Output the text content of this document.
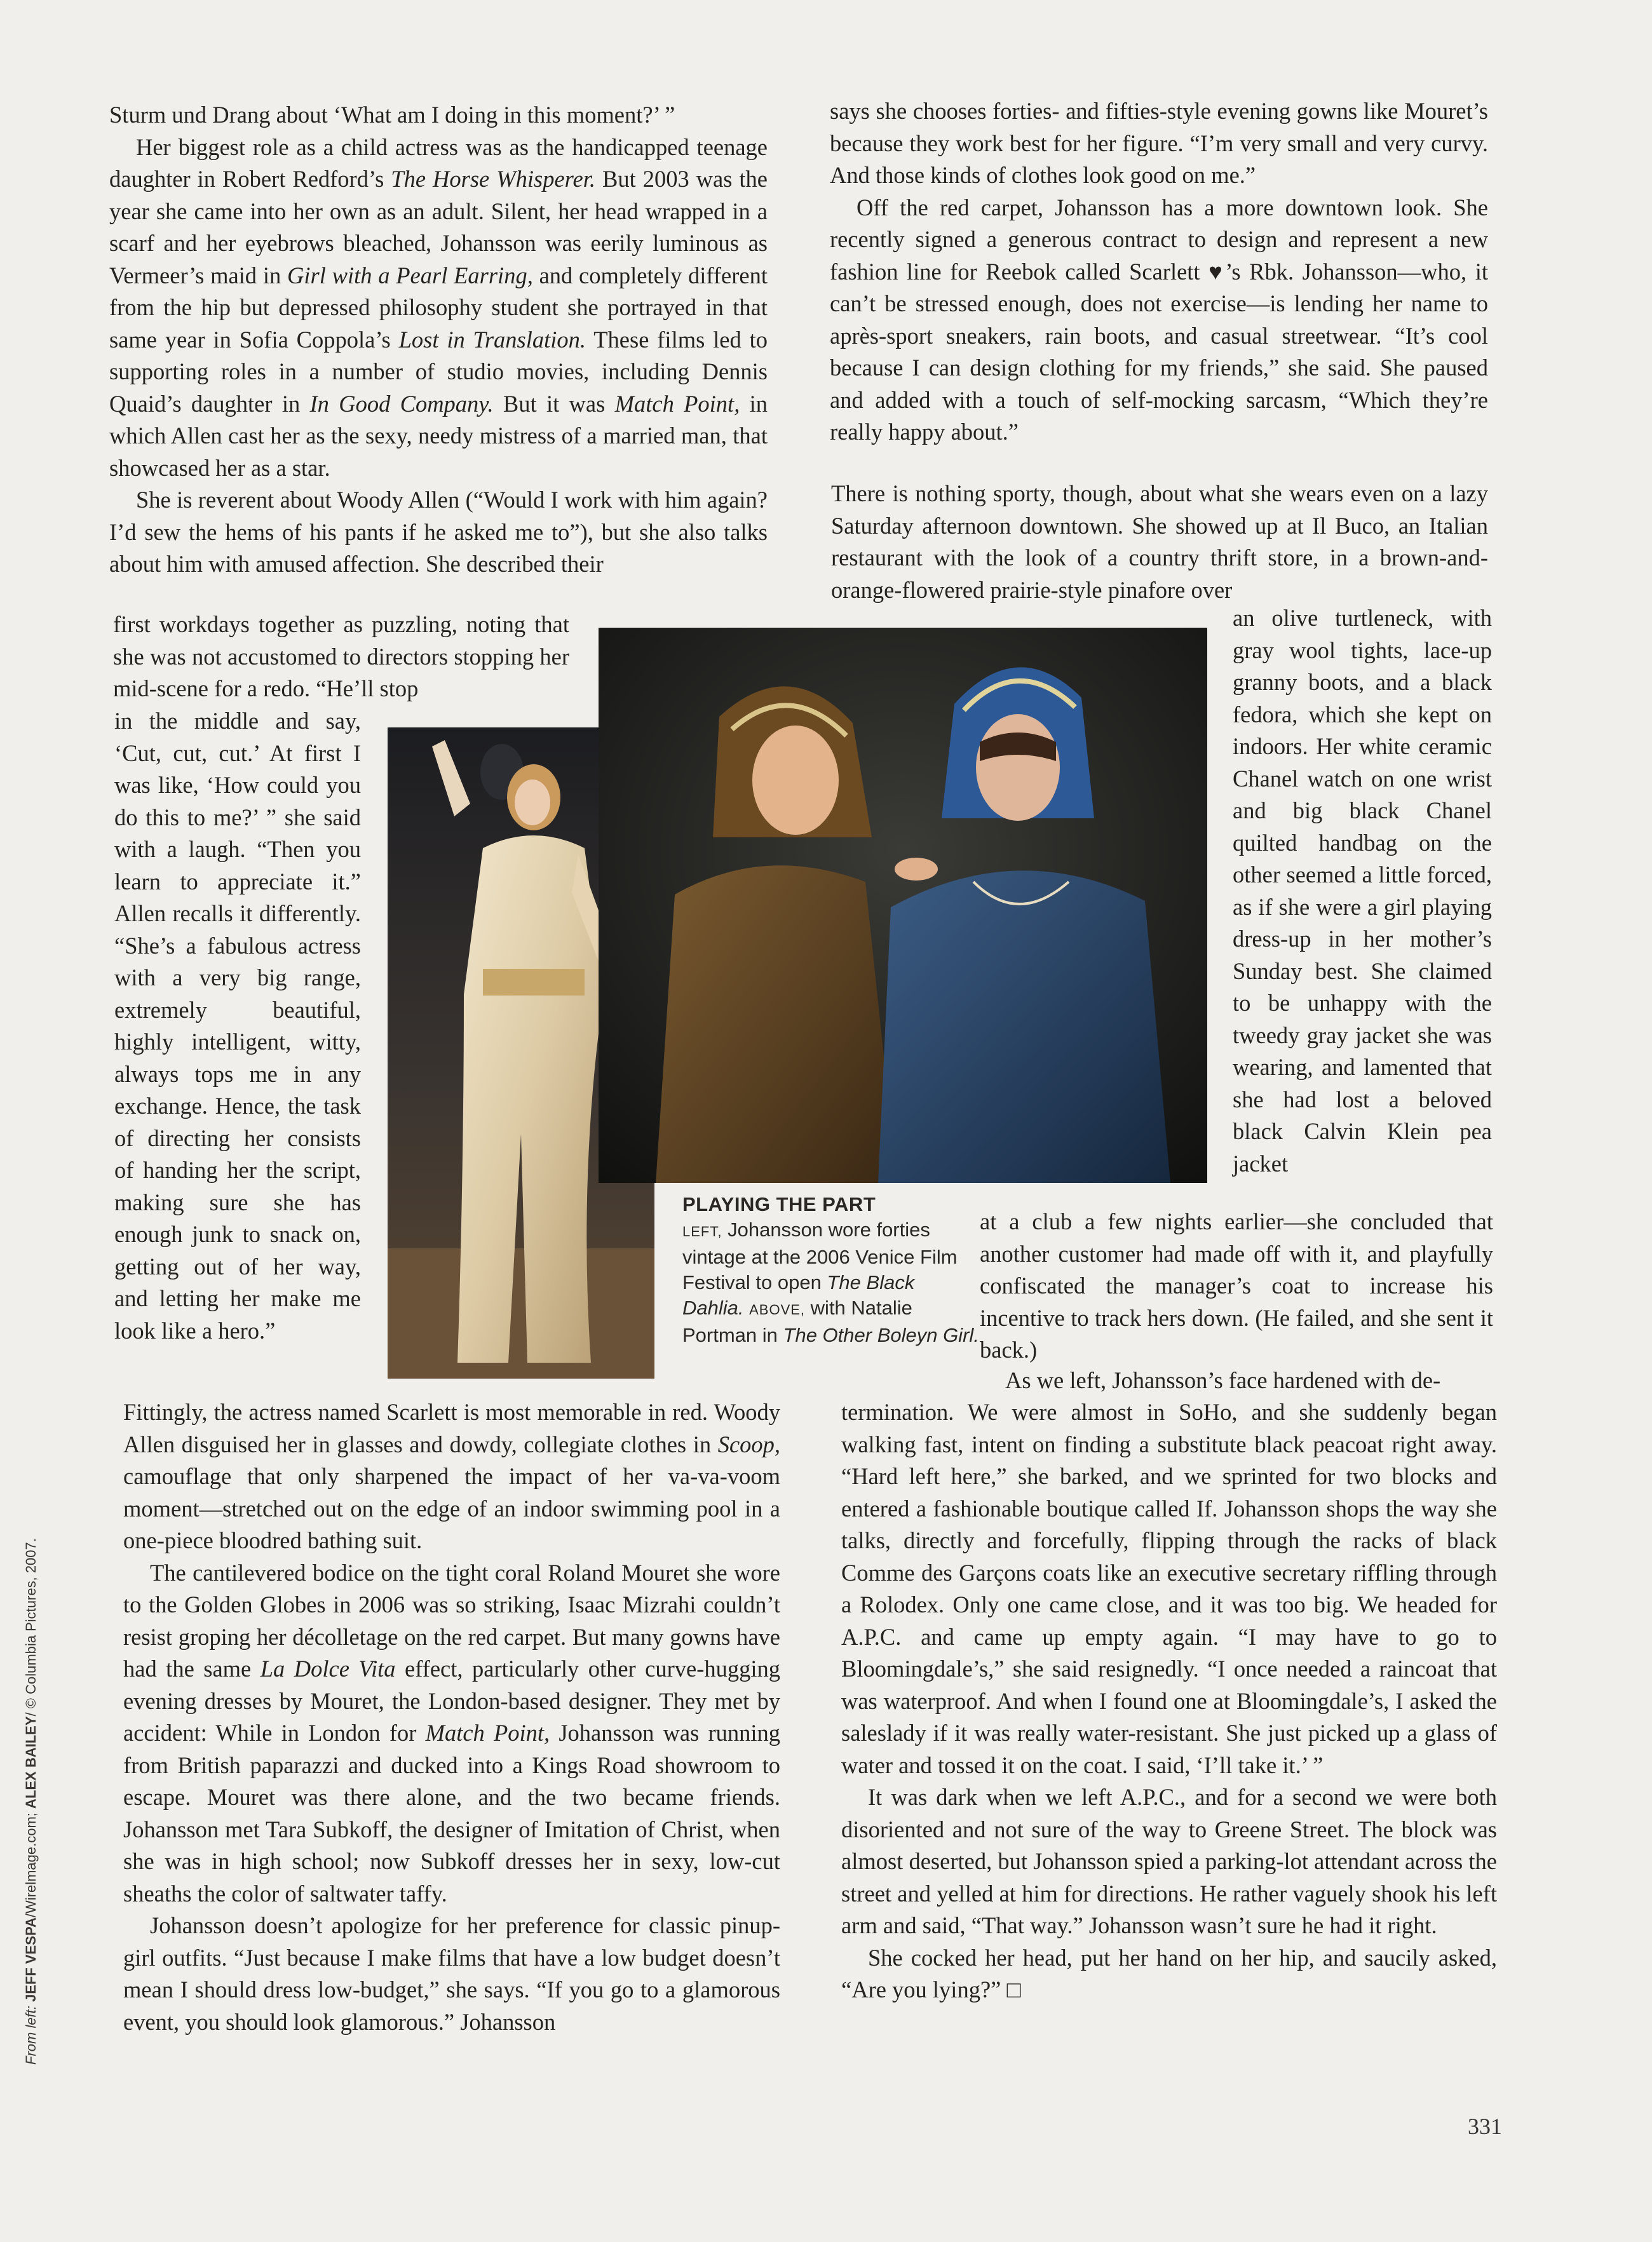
Sturm und Drang about ‘What am I doing in this moment?’ ”

Her biggest role as a child actress was as the handicapped teenage daughter in Robert Redford’s The Horse Whisperer. But 2003 was the year she came into her own as an adult. Silent, her head wrapped in a scarf and her eyebrows bleached, Johansson was eerily luminous as Vermeer’s maid in Girl with a Pearl Earring, and completely different from the hip but depressed philosophy student she portrayed in that same year in Sofia Coppola’s Lost in Translation. These films led to supporting roles in a number of studio movies, including Dennis Quaid’s daughter in In Good Company. But it was Match Point, in which Allen cast her as the sexy, needy mistress of a married man, that showcased her as a star.

She is reverent about Woody Allen (“Would I work with him again? I’d sew the hems of his pants if he asked me to”), but she also talks about him with amused affection. She described their

first workdays together as puzzling, noting that she was not accustomed to directors stopping her mid-scene for a redo. “He’ll stop

in the middle and say, ‘Cut, cut, cut.’ At first I was like, ‘How could you do this to me?’ ” she said with a laugh. “Then you learn to appreciate it.” Allen recalls it differently. “She’s a fabulous actress with a very big range, extremely beautiful, highly intelligent, witty, always tops me in any exchange. Hence, the task of directing her consists of handing her the script, making sure she has enough junk to snack on, getting out of her way, and letting her make me look like a hero.”

Fittingly, the actress named Scarlett is most memorable in red. Woody Allen disguised her in glasses and dowdy, collegiate clothes in Scoop, camouflage that only sharpened the impact of her va-va-voom moment—stretched out on the edge of an indoor swimming pool in a one-piece bloodred bathing suit.

The cantilevered bodice on the tight coral Roland Mouret she wore to the Golden Globes in 2006 was so striking, Isaac Mizrahi couldn’t resist groping her décolletage on the red carpet. But many gowns have had the same La Dolce Vita effect, particularly other curve-hugging evening dresses by Mouret, the London-based designer. They met by accident: While in London for Match Point, Johansson was running from British paparazzi and ducked into a Kings Road showroom to escape. Mouret was there alone, and the two became friends. Johansson met Tara Subkoff, the designer of Imitation of Christ, when she was in high school; now Subkoff dresses her in sexy, low-cut sheaths the color of saltwater taffy.

Johansson doesn’t apologize for her preference for classic pinup-girl outfits. “Just because I make films that have a low budget doesn’t mean I should dress low-budget,” she says. “If you go to a glamorous event, you should look glamorous.” Johansson

says she chooses forties- and fifties-style evening gowns like Mouret’s because they work best for her figure. “I’m very small and very curvy. And those kinds of clothes look good on me.”

Off the red carpet, Johansson has a more downtown look. She recently signed a generous contract to design and represent a new fashion line for Reebok called Scarlett ♥’s Rbk. Johansson—who, it can’t be stressed enough, does not exercise—is lending her name to après-sport sneakers, rain boots, and casual streetwear. “It’s cool because I can design clothing for my friends,” she said. She paused and added with a touch of self-mocking sarcasm, “Which they’re really happy about.”

There is nothing sporty, though, about what she wears even on a lazy Saturday afternoon downtown. She showed up at Il Buco, an Italian restaurant with the look of a country thrift store, in a brown-and-orange-flowered prairie-style pinafore over

an olive turtleneck, with gray wool tights, lace-up granny boots, and a black fedora, which she kept on indoors. Her white ceramic Chanel watch on one wrist and big black Chanel quilted handbag on the other seemed a little forced, as if she were a girl playing dress-up in her mother’s Sunday best. She claimed to be unhappy with the tweedy gray jacket she was wearing, and lamented that she had lost a beloved black Calvin Klein pea jacket

at a club a few nights earlier—she concluded that another customer had made off with it, and playfully confiscated the manager’s coat to increase his incentive to track hers down. (He failed, and she sent it back.)

As we left, Johansson’s face hardened with de-

termination. We were almost in SoHo, and she suddenly began walking fast, intent on finding a substitute black peacoat right away. “Hard left here,” she barked, and we sprinted for two blocks and entered a fashionable boutique called If. Johansson shops the way she talks, directly and forcefully, flipping through the racks of black Comme des Garçons coats like an executive secretary riffling through a Rolodex. Only one came close, and it was too big. We headed for A.P.C. and came up empty again. “I may have to go to Bloomingdale’s,” she said resignedly. “I once needed a raincoat that was waterproof. And when I found one at Bloomingdale’s, I asked the saleslady if it was really water-resistant. She just picked up a glass of water and tossed it on the coat. I said, ‘I’ll take it.’ ”

It was dark when we left A.P.C., and for a second we were both disoriented and not sure of the way to Greene Street. The block was almost deserted, but Johansson spied a parking-lot attendant across the street and yelled at him for directions. He rather vaguely shook his left arm and said, “That way.” Johansson wasn’t sure he had it right.

She cocked her head, put her hand on her hip, and saucily asked, “Are you lying?” □

PLAYING THE PART
LEFT, Johansson wore forties vintage at the 2006 Venice Film Festival to open The Black Dahlia. ABOVE, with Natalie Portman in The Other Boleyn Girl.
From left: JEFF VESPA/Wirelmage.com; ALEX BAILEY/ © Columbia Pictures, 2007.
331
